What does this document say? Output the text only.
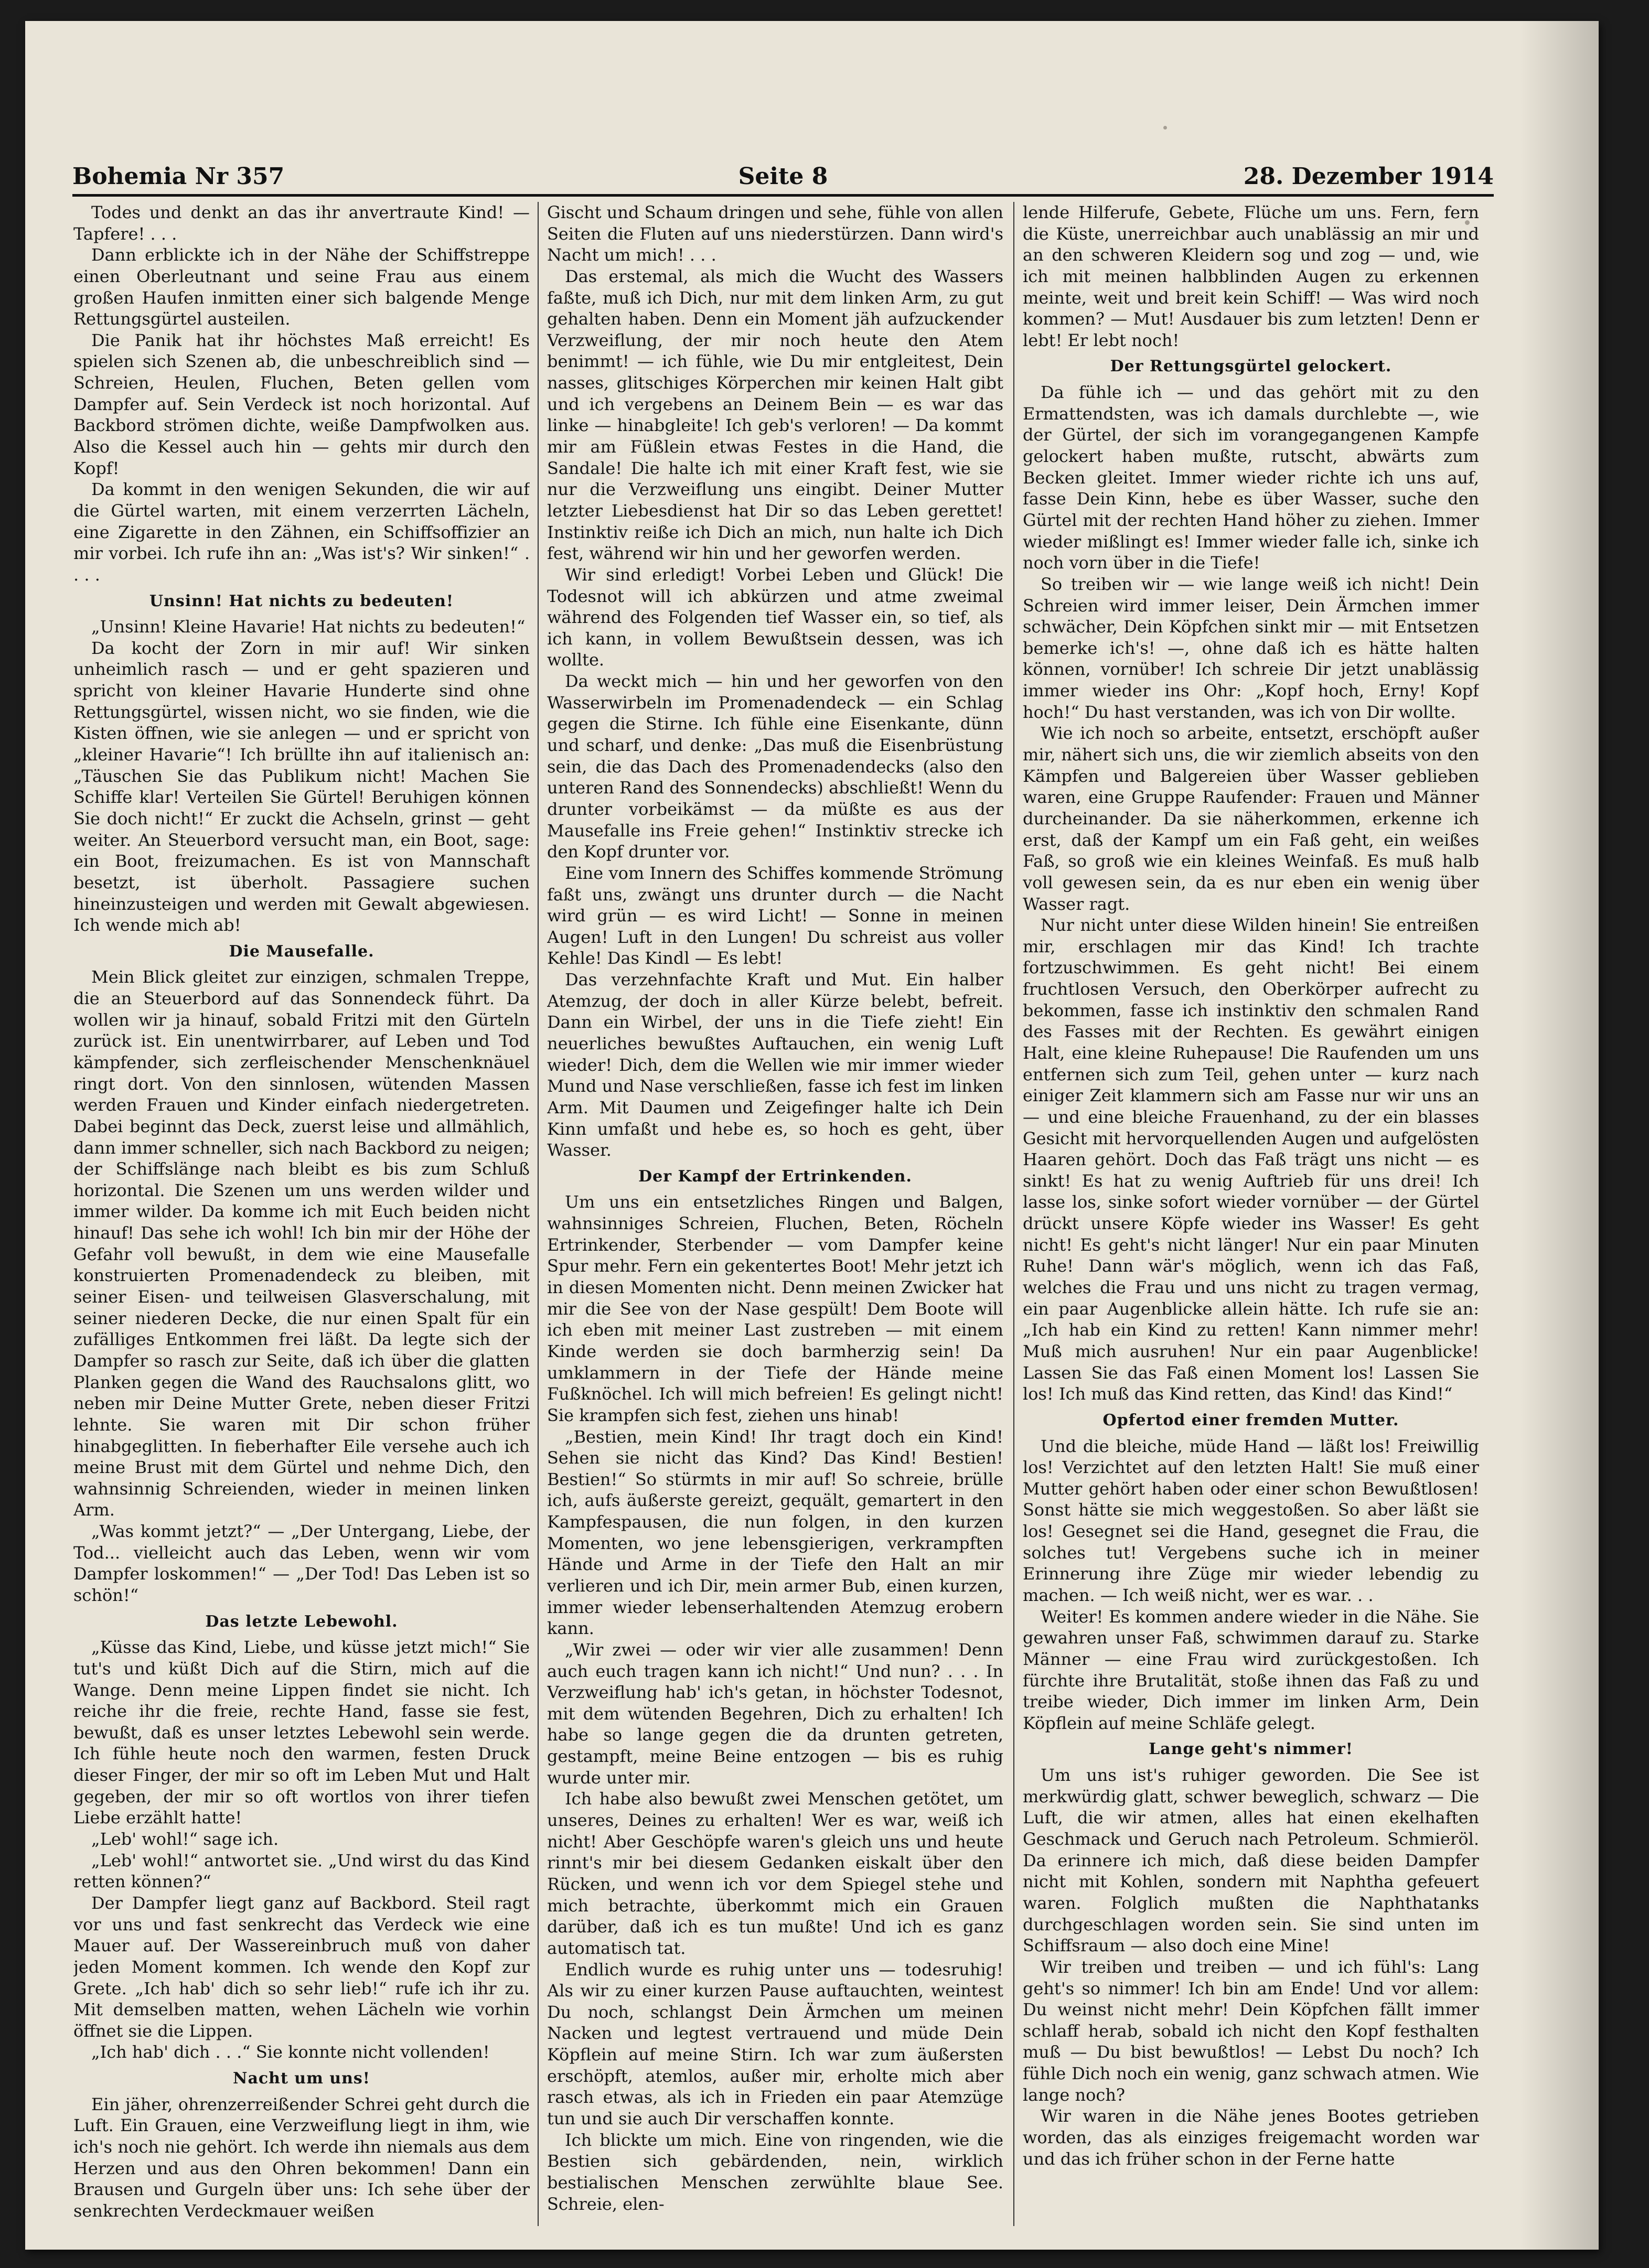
Bohemia Nr 357	Seite 8	28. Dezember 1914

Todes und denkt an das ihr anvertraute Kind! — Tapfere! . . .

Dann erblickte ich in der Nähe der Schiffstreppe einen Oberleutnant und seine Frau aus einem großen Haufen inmitten einer sich balgende Menge Rettungsgürtel austeilen.

Die Panik hat ihr höchstes Maß erreicht! Es spielen sich Szenen ab, die unbeschreiblich sind — Schreien, Heulen, Fluchen, Beten gellen vom Dampfer auf. Sein Verdeck ist noch horizontal. Auf Backbord strömen dichte, weiße Dampfwolken aus. Also die Kessel auch hin — gehts mir durch den Kopf!

Da kommt in den wenigen Sekunden, die wir auf die Gürtel warten, mit einem verzerrten Lächeln, eine Zigarette in den Zähnen, ein Schiffsoffizier an mir vorbei. Ich rufe ihn an: „Was ist's? Wir sinken!“ . . . .

Unsinn! Hat nichts zu bedeuten!

„Unsinn! Kleine Havarie! Hat nichts zu bedeuten!“

Da kocht der Zorn in mir auf! Wir sinken unheimlich rasch — und er geht spazieren und spricht von kleiner Havarie Hunderte sind ohne Rettungsgürtel, wissen nicht, wo sie finden, wie die Kisten öffnen, wie sie anlegen — und er spricht von „kleiner Havarie“! Ich brüllte ihn auf italienisch an: „Täuschen Sie das Publikum nicht! Machen Sie Schiffe klar! Verteilen Sie Gürtel! Beruhigen können Sie doch nicht!“ Er zuckt die Achseln, grinst — geht weiter. An Steuerbord versucht man, ein Boot, sage: ein Boot, freizumachen. Es ist von Mannschaft besetzt, ist überholt. Passagiere suchen hineinzusteigen und werden mit Gewalt abgewiesen. Ich wende mich ab!

Die Mausefalle.

Mein Blick gleitet zur einzigen, schmalen Treppe, die an Steuerbord auf das Sonnendeck führt. Da wollen wir ja hinauf, sobald Fritzi mit den Gürteln zurück ist. Ein unentwirrbarer, auf Leben und Tod kämpfender, sich zerfleischender Menschenknäuel ringt dort. Von den sinnlosen, wütenden Massen werden Frauen und Kinder einfach niedergetreten. Dabei beginnt das Deck, zuerst leise und allmählich, dann immer schneller, sich nach Backbord zu neigen; der Schiffslänge nach bleibt es bis zum Schluß horizontal. Die Szenen um uns werden wilder und immer wilder. Da komme ich mit Euch beiden nicht hinauf! Das sehe ich wohl! Ich bin mir der Höhe der Gefahr voll bewußt, in dem wie eine Mausefalle konstruierten Promenadendeck zu bleiben, mit seiner Eisen- und teilweisen Glasverschalung, mit seiner niederen Decke, die nur einen Spalt für ein zufälliges Entkommen frei läßt. Da legte sich der Dampfer so rasch zur Seite, daß ich über die glatten Planken gegen die Wand des Rauchsalons glitt, wo neben mir Deine Mutter Grete, neben dieser Fritzi lehnte. Sie waren mit Dir schon früher hinabgeglitten. In fieberhafter Eile versehe auch ich meine Brust mit dem Gürtel und nehme Dich, den wahnsinnig Schreienden, wieder in meinen linken Arm.

„Was kommt jetzt?“ — „Der Untergang, Liebe, der Tod... vielleicht auch das Leben, wenn wir vom Dampfer loskommen!“ — „Der Tod! Das Leben ist so schön!“

Das letzte Lebewohl.

„Küsse das Kind, Liebe, und küsse jetzt mich!“ Sie tut's und küßt Dich auf die Stirn, mich auf die Wange. Denn meine Lippen findet sie nicht. Ich reiche ihr die freie, rechte Hand, fasse sie fest, bewußt, daß es unser letztes Lebewohl sein werde. Ich fühle heute noch den warmen, festen Druck dieser Finger, der mir so oft im Leben Mut und Halt gegeben, der mir so oft wortlos von ihrer tiefen Liebe erzählt hatte!

„Leb' wohl!“ sage ich.

„Leb' wohl!“ antwortet sie. „Und wirst du das Kind retten können?“

Der Dampfer liegt ganz auf Backbord. Steil ragt vor uns und fast senkrecht das Verdeck wie eine Mauer auf. Der Wassereinbruch muß von daher jeden Moment kommen. Ich wende den Kopf zur Grete. „Ich hab' dich so sehr lieb!“ rufe ich ihr zu. Mit demselben matten, wehen Lächeln wie vorhin öffnet sie die Lippen.

„Ich hab' dich . . .“ Sie konnte nicht vollenden!

Nacht um uns!

Ein jäher, ohrenzerreißender Schrei geht durch die Luft. Ein Grauen, eine Verzweiflung liegt in ihm, wie ich's noch nie gehört. Ich werde ihn niemals aus dem Herzen und aus den Ohren bekommen! Dann ein Brausen und Gurgeln über uns: Ich sehe über der senkrechten Verdeckmauer weißen

Gischt und Schaum dringen und sehe, fühle von allen Seiten die Fluten auf uns niederstürzen. Dann wird's Nacht um mich! . . .

Das erstemal, als mich die Wucht des Wassers faßte, muß ich Dich, nur mit dem linken Arm, zu gut gehalten haben. Denn ein Moment jäh aufzuckender Verzweiflung, der mir noch heute den Atem benimmt! — ich fühle, wie Du mir entgleitest, Dein nasses, glitschiges Körperchen mir keinen Halt gibt und ich vergebens an Deinem Bein — es war das linke — hinabgleite! Ich geb's verloren! — Da kommt mir am Füßlein etwas Festes in die Hand, die Sandale! Die halte ich mit einer Kraft fest, wie sie nur die Verzweiflung uns eingibt. Deiner Mutter letzter Liebesdienst hat Dir so das Leben gerettet! Instinktiv reiße ich Dich an mich, nun halte ich Dich fest, während wir hin und her geworfen werden.

Wir sind erledigt! Vorbei Leben und Glück! Die Todesnot will ich abkürzen und atme zweimal während des Folgenden tief Wasser ein, so tief, als ich kann, in vollem Bewußtsein dessen, was ich wollte.

Da weckt mich — hin und her geworfen von den Wasserwirbeln im Promenadendeck — ein Schlag gegen die Stirne. Ich fühle eine Eisenkante, dünn und scharf, und denke: „Das muß die Eisenbrüstung sein, die das Dach des Promenadendecks (also den unteren Rand des Sonnendecks) abschließt! Wenn du drunter vorbeikämst — da müßte es aus der Mausefalle ins Freie gehen!“ Instinktiv strecke ich den Kopf drunter vor.

Eine vom Innern des Schiffes kommende Strömung faßt uns, zwängt uns drunter durch — die Nacht wird grün — es wird Licht! — Sonne in meinen Augen! Luft in den Lungen! Du schreist aus voller Kehle! Das Kindl — Es lebt!

Das verzehnfachte Kraft und Mut. Ein halber Atemzug, der doch in aller Kürze belebt, befreit. Dann ein Wirbel, der uns in die Tiefe zieht! Ein neuerliches bewußtes Auftauchen, ein wenig Luft wieder! Dich, dem die Wellen wie mir immer wieder Mund und Nase verschließen, fasse ich fest im linken Arm. Mit Daumen und Zeigefinger halte ich Dein Kinn umfaßt und hebe es, so hoch es geht, über Wasser.

Der Kampf der Ertrinkenden.

Um uns ein entsetzliches Ringen und Balgen, wahnsinniges Schreien, Fluchen, Beten, Röcheln Ertrinkender, Sterbender — vom Dampfer keine Spur mehr. Fern ein gekentertes Boot! Mehr jetzt ich in diesen Momenten nicht. Denn meinen Zwicker hat mir die See von der Nase gespült! Dem Boote will ich eben mit meiner Last zustreben — mit einem Kinde werden sie doch barmherzig sein! Da umklammern in der Tiefe der Hände meine Fußknöchel. Ich will mich befreien! Es gelingt nicht! Sie krampfen sich fest, ziehen uns hinab!

„Bestien, mein Kind! Ihr tragt doch ein Kind! Sehen sie nicht das Kind? Das Kind! Bestien! Bestien!“ So stürmts in mir auf! So schreie, brülle ich, aufs äußerste gereizt, gequält, gemartert in den Kampfespausen, die nun folgen, in den kurzen Momenten, wo jene lebensgierigen, verkrampften Hände und Arme in der Tiefe den Halt an mir verlieren und ich Dir, mein armer Bub, einen kurzen, immer wieder lebenserhaltenden Atemzug erobern kann.

„Wir zwei — oder wir vier alle zusammen! Denn auch euch tragen kann ich nicht!“ Und nun? . . . In Verzweiflung hab' ich's getan, in höchster Todesnot, mit dem wütenden Begehren, Dich zu erhalten! Ich habe so lange gegen die da drunten getreten, gestampft, meine Beine entzogen — bis es ruhig wurde unter mir.

Ich habe also bewußt zwei Menschen getötet, um unseres, Deines zu erhalten! Wer es war, weiß ich nicht! Aber Geschöpfe waren's gleich uns und heute rinnt's mir bei diesem Gedanken eiskalt über den Rücken, und wenn ich vor dem Spiegel stehe und mich betrachte, überkommt mich ein Grauen darüber, daß ich es tun mußte! Und ich es ganz automatisch tat.

Endlich wurde es ruhig unter uns — todesruhig! Als wir zu einer kurzen Pause auftauchten, weintest Du noch, schlangst Dein Ärmchen um meinen Nacken und legtest vertrauend und müde Dein Köpflein auf meine Stirn. Ich war zum äußersten erschöpft, atemlos, außer mir, erholte mich aber rasch etwas, als ich in Frieden ein paar Atemzüge tun und sie auch Dir verschaffen konnte.

Ich blickte um mich. Eine von ringenden, wie die Bestien sich gebärdenden, nein, wirklich bestialischen Menschen zerwühlte blaue See. Schreie, elen-

lende Hilferufe, Gebete, Flüche um uns. Fern, fern die Küste, unerreichbar auch unablässig an mir und an den schweren Kleidern sog und zog — und, wie ich mit meinen halbblinden Augen zu erkennen meinte, weit und breit kein Schiff! — Was wird noch kommen? — Mut! Ausdauer bis zum letzten! Denn er lebt! Er lebt noch!

Der Rettungsgürtel gelockert.

Da fühle ich — und das gehört mit zu den Ermattendsten, was ich damals durchlebte —, wie der Gürtel, der sich im vorangegangenen Kampfe gelockert haben mußte, rutscht, abwärts zum Becken gleitet. Immer wieder richte ich uns auf, fasse Dein Kinn, hebe es über Wasser, suche den Gürtel mit der rechten Hand höher zu ziehen. Immer wieder mißlingt es! Immer wieder falle ich, sinke ich noch vorn über in die Tiefe!

So treiben wir — wie lange weiß ich nicht! Dein Schreien wird immer leiser, Dein Ärmchen immer schwächer, Dein Köpfchen sinkt mir — mit Entsetzen bemerke ich's! —, ohne daß ich es hätte halten können, vornüber! Ich schreie Dir jetzt unablässig immer wieder ins Ohr: „Kopf hoch, Erny! Kopf hoch!“ Du hast verstanden, was ich von Dir wollte.

Wie ich noch so arbeite, entsetzt, erschöpft außer mir, nähert sich uns, die wir ziemlich abseits von den Kämpfen und Balgereien über Wasser geblieben waren, eine Gruppe Raufender: Frauen und Männer durcheinander. Da sie näherkommen, erkenne ich erst, daß der Kampf um ein Faß geht, ein weißes Faß, so groß wie ein kleines Weinfaß. Es muß halb voll gewesen sein, da es nur eben ein wenig über Wasser ragt.

Nur nicht unter diese Wilden hinein! Sie entreißen mir, erschlagen mir das Kind! Ich trachte fortzuschwimmen. Es geht nicht! Bei einem fruchtlosen Versuch, den Oberkörper aufrecht zu bekommen, fasse ich instinktiv den schmalen Rand des Fasses mit der Rechten. Es gewährt einigen Halt, eine kleine Ruhepause! Die Raufenden um uns entfernen sich zum Teil, gehen unter — kurz nach einiger Zeit klammern sich am Fasse nur wir uns an — und eine bleiche Frauenhand, zu der ein blasses Gesicht mit hervorquellenden Augen und aufgelösten Haaren gehört. Doch das Faß trägt uns nicht — es sinkt! Es hat zu wenig Auftrieb für uns drei! Ich lasse los, sinke sofort wieder vornüber — der Gürtel drückt unsere Köpfe wieder ins Wasser! Es geht nicht! Es geht's nicht länger! Nur ein paar Minuten Ruhe! Dann wär's möglich, wenn ich das Faß, welches die Frau und uns nicht zu tragen vermag, ein paar Augenblicke allein hätte. Ich rufe sie an: „Ich hab ein Kind zu retten! Kann nimmer mehr! Muß mich ausruhen! Nur ein paar Augenblicke! Lassen Sie das Faß einen Moment los! Lassen Sie los! Ich muß das Kind retten, das Kind! das Kind!“

Opfertod einer fremden Mutter.

Und die bleiche, müde Hand — läßt los! Freiwillig los! Verzichtet auf den letzten Halt! Sie muß einer Mutter gehört haben oder einer schon Bewußtlosen! Sonst hätte sie mich weggestoßen. So aber läßt sie los! Gesegnet sei die Hand, gesegnet die Frau, die solches tut! Vergebens suche ich in meiner Erinnerung ihre Züge mir wieder lebendig zu machen. — Ich weiß nicht, wer es war. . .

Weiter! Es kommen andere wieder in die Nähe. Sie gewahren unser Faß, schwimmen darauf zu. Starke Männer — eine Frau wird zurückgestoßen. Ich fürchte ihre Brutalität, stoße ihnen das Faß zu und treibe wieder, Dich immer im linken Arm, Dein Köpflein auf meine Schläfe gelegt.

Lange geht's nimmer!

Um uns ist's ruhiger geworden. Die See ist merkwürdig glatt, schwer beweglich, schwarz — Die Luft, die wir atmen, alles hat einen ekelhaften Geschmack und Geruch nach Petroleum. Schmieröl. Da erinnere ich mich, daß diese beiden Dampfer nicht mit Kohlen, sondern mit Naphtha gefeuert waren. Folglich mußten die Naphthatanks durchgeschlagen worden sein. Sie sind unten im Schiffsraum — also doch eine Mine!

Wir treiben und treiben — und ich fühl's: Lang geht's so nimmer! Ich bin am Ende! Und vor allem: Du weinst nicht mehr! Dein Köpfchen fällt immer schlaff herab, sobald ich nicht den Kopf festhalten muß — Du bist bewußtlos! — Lebst Du noch? Ich fühle Dich noch ein wenig, ganz schwach atmen. Wie lange noch?

Wir waren in die Nähe jenes Bootes getrieben worden, das als einziges freigemacht worden war und das ich früher schon in der Ferne hatte
